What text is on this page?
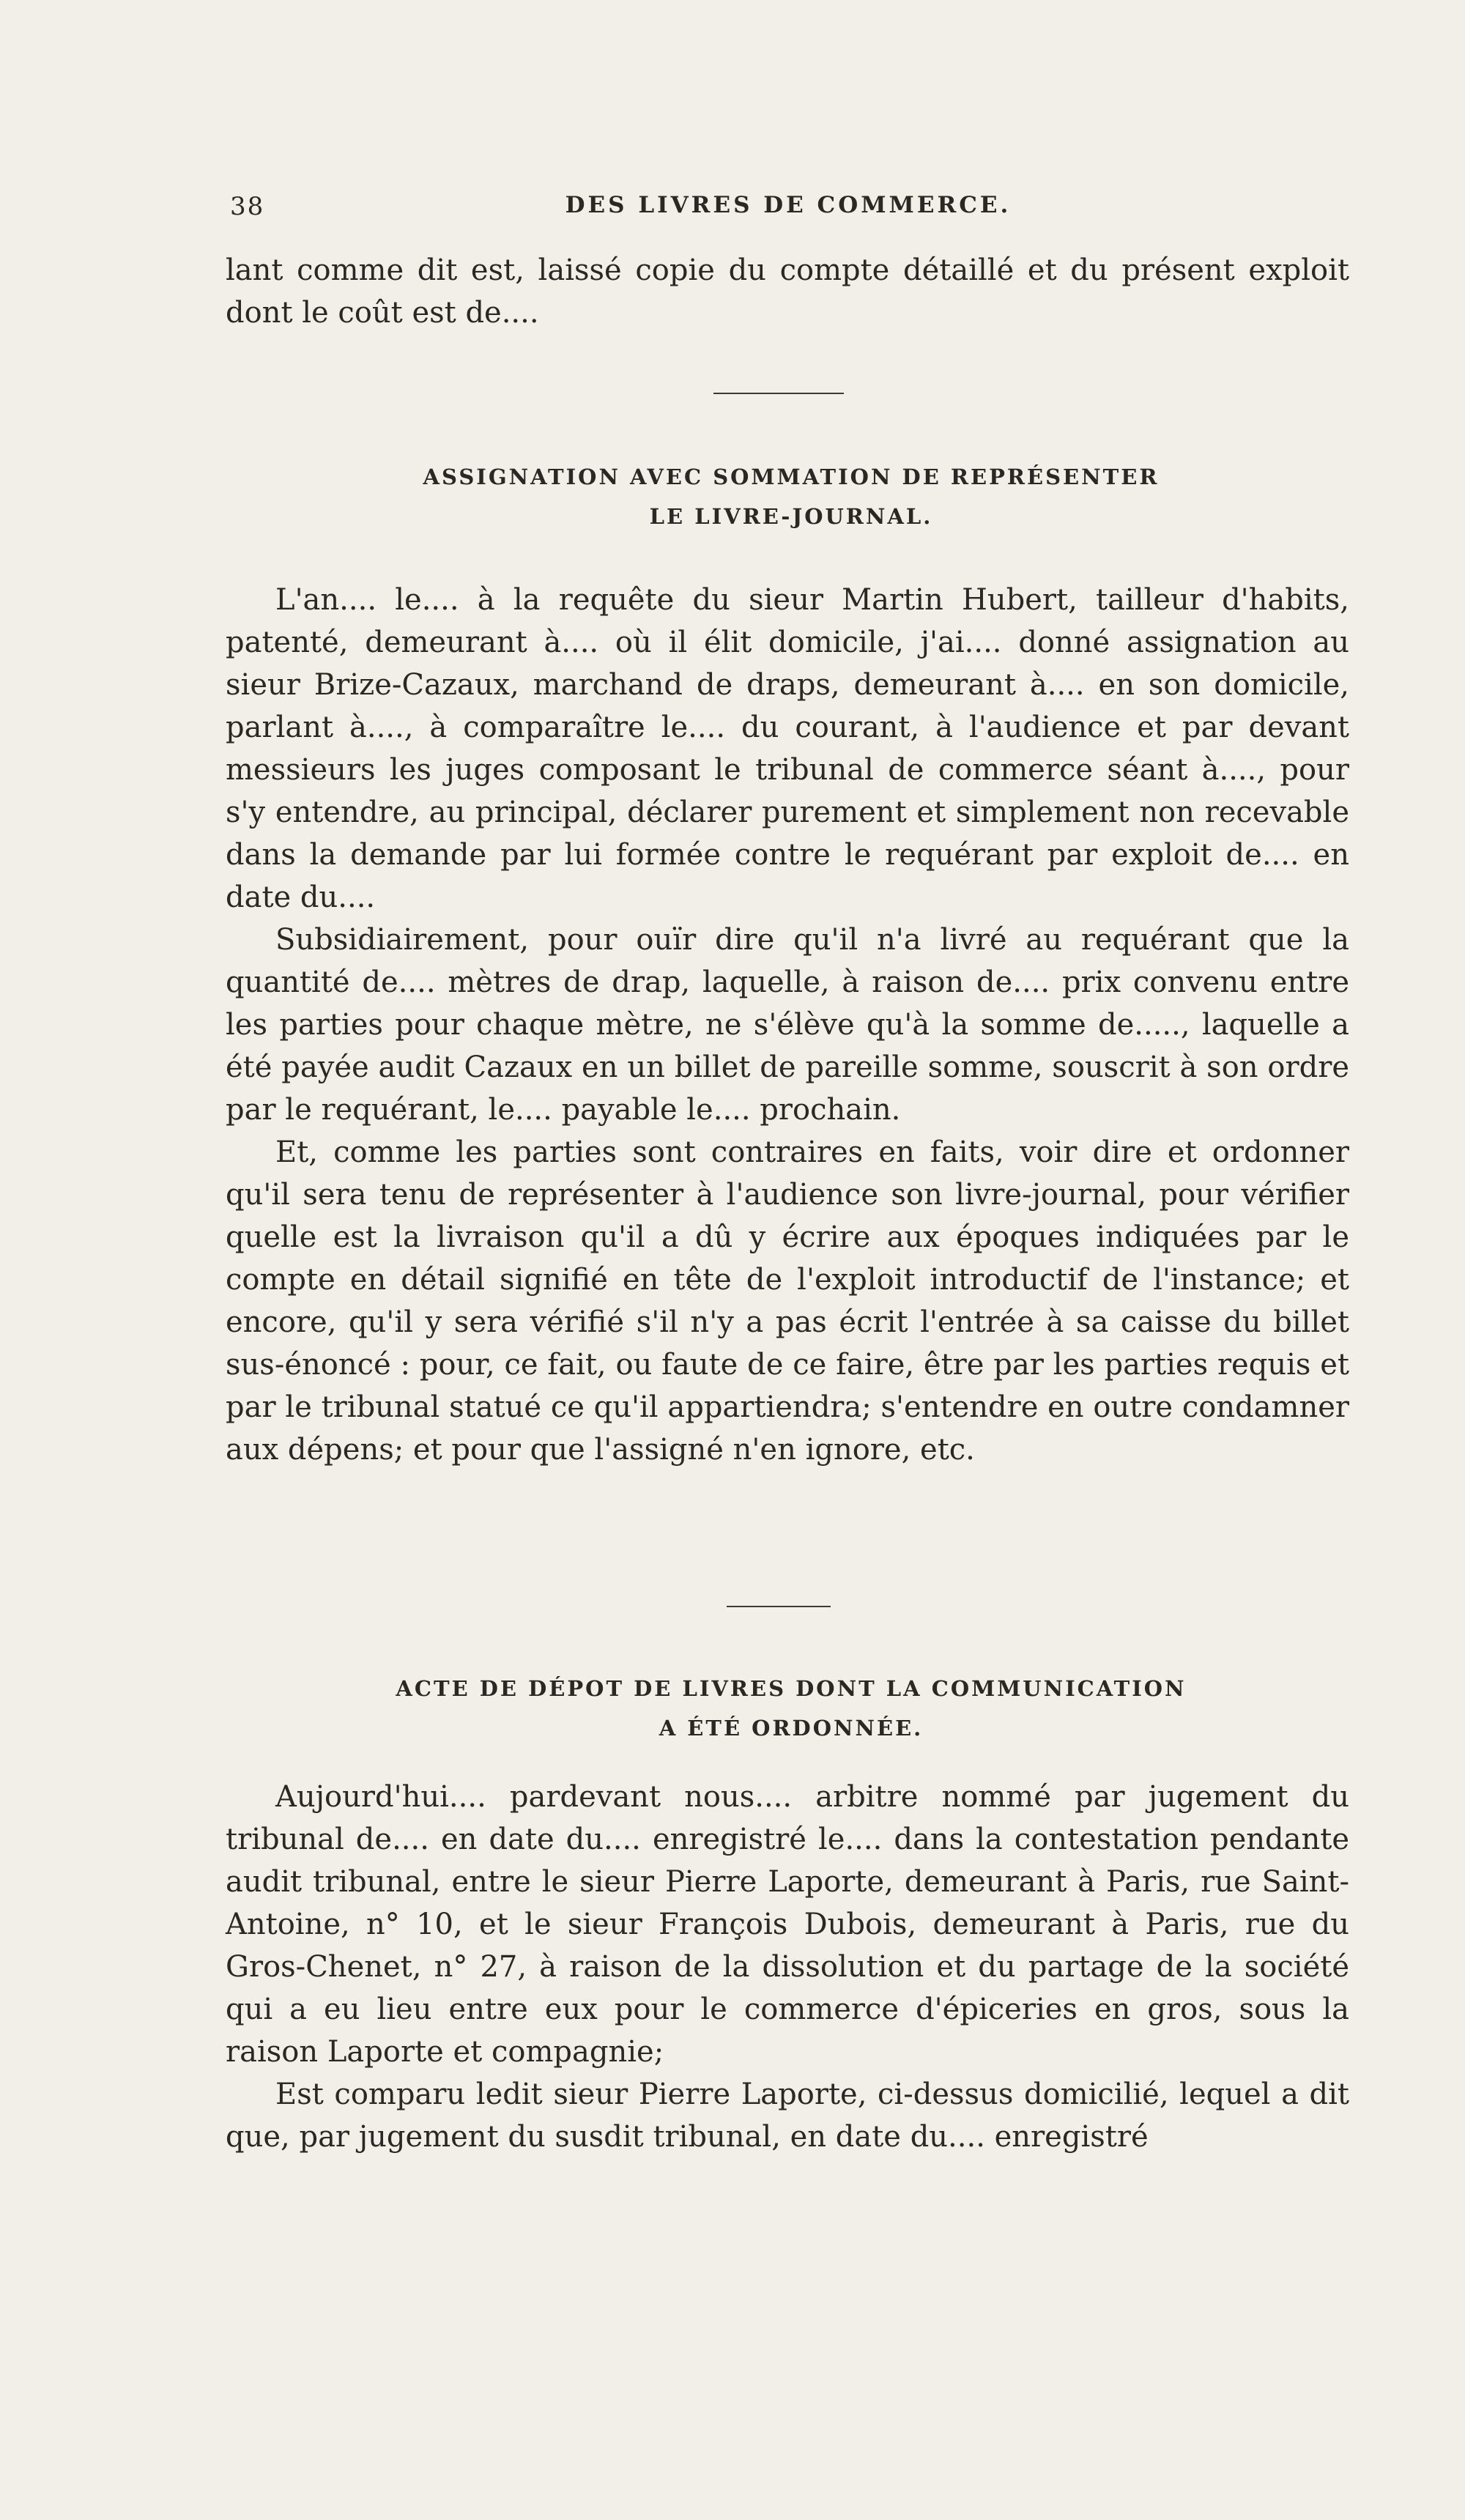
38	DES LIVRES DE COMMERCE.

lant comme dit est, laissé copie du compte détaillé et du présent exploit dont le coût est de....

ASSIGNATION AVEC SOMMATION DE REPRÉSENTER
LE LIVRE-JOURNAL.

L'an.... le.... à la requête du sieur Martin Hubert, tailleur d'habits, patenté, demeurant à.... où il élit domicile, j'ai.... donné assignation au sieur Brize-Cazaux, marchand de draps, demeurant à.... en son domicile, parlant à...., à comparaître le.... du courant, à l'audience et par devant messieurs les juges composant le tribunal de commerce séant à...., pour s'y entendre, au principal, déclarer purement et simplement non recevable dans la demande par lui formée contre le requérant par exploit de.... en date du....

Subsidiairement, pour ouïr dire qu'il n'a livré au requérant que la quantité de.... mètres de drap, laquelle, à raison de.... prix convenu entre les parties pour chaque mètre, ne s'élève qu'à la somme de....., laquelle a été payée audit Cazaux en un billet de pareille somme, souscrit à son ordre par le requérant, le.... payable le.... prochain.

Et, comme les parties sont contraires en faits, voir dire et ordonner qu'il sera tenu de représenter à l'audience son livre-journal, pour vérifier quelle est la livraison qu'il a dû y écrire aux époques indiquées par le compte en détail signifié en tête de l'exploit introductif de l'instance; et encore, qu'il y sera vérifié s'il n'y a pas écrit l'entrée à sa caisse du billet sus-énoncé : pour, ce fait, ou faute de ce faire, être par les parties requis et par le tribunal statué ce qu'il appartiendra; s'entendre en outre condamner aux dépens; et pour que l'assigné n'en ignore, etc.

ACTE DE DÉPOT DE LIVRES DONT LA COMMUNICATION
A ÉTÉ ORDONNÉE.

Aujourd'hui.... pardevant nous.... arbitre nommé par jugement du tribunal de.... en date du.... enregistré le.... dans la contestation pendante audit tribunal, entre le sieur Pierre Laporte, demeurant à Paris, rue Saint-Antoine, n° 10, et le sieur François Dubois, demeurant à Paris, rue du Gros-Chenet, n° 27, à raison de la dissolution et du partage de la société qui a eu lieu entre eux pour le commerce d'épiceries en gros, sous la raison Laporte et compagnie;

Est comparu ledit sieur Pierre Laporte, ci-dessus domicilié, lequel a dit que, par jugement du susdit tribunal, en date du.... enregistré
